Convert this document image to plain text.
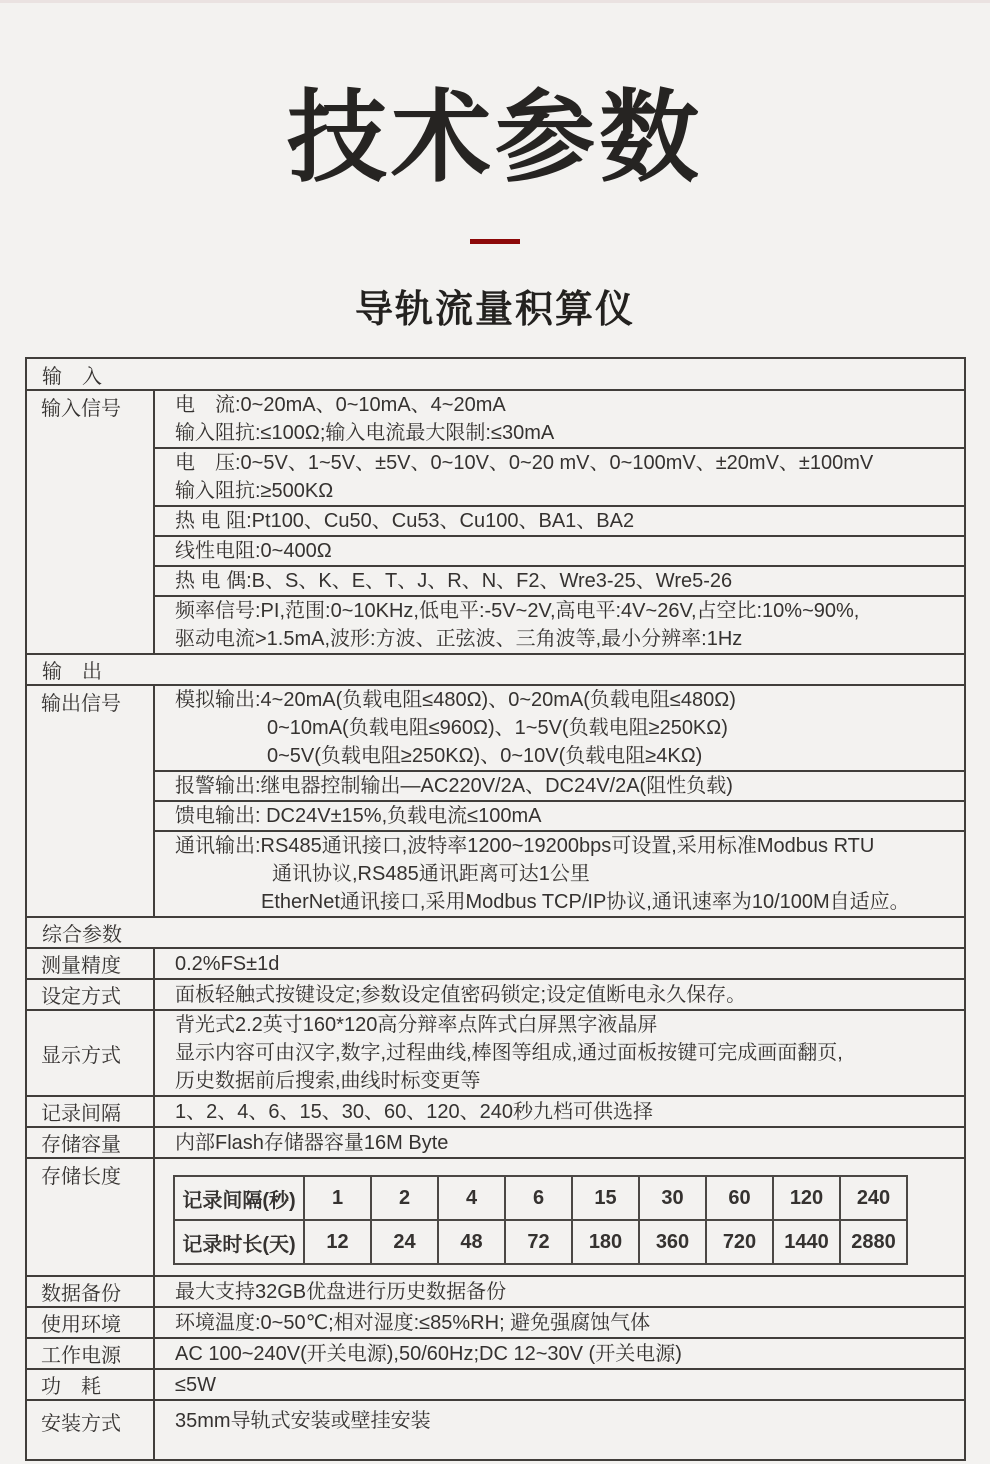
技术参数
导轨流量积算仪
输　入
输入信号	电　流:0~20mA、0~10mA、4~20mA
输入阻抗:≤100Ω;输入电流最大限制:≤30mA
电　压:0~5V、1~5V、±5V、0~10V、0~20 mV、0~100mV、±20mV、±100mV
输入阻抗:≥500KΩ
热 电 阻:Pt100、Cu50、Cu53、Cu100、BA1、BA2
线性电阻:0~400Ω
热 电 偶:B、S、K、E、T、J、R、N、F2、Wre3-25、Wre5-26
频率信号:PI,范围:0~10KHz,低电平:-5V~2V,高电平:4V~26V,占空比:10%~90%,
驱动电流>1.5mA,波形:方波、正弦波、三角波等,最小分辨率:1Hz
输　出
输出信号	模拟输出:4~20mA(负载电阻≤480Ω)、0~20mA(负载电阻≤480Ω)
0~10mA(负载电阻≤960Ω)、1~5V(负载电阻≥250KΩ)
0~5V(负载电阻≥250KΩ)、0~10V(负载电阻≥4KΩ)
报警输出:继电器控制输出—AC220V/2A、DC24V/2A(阻性负载)
馈电输出: DC24V±15%,负载电流≤100mA
通讯输出:RS485通讯接口,波特率1200~19200bps可设置,采用标准Modbus RTU
通讯协议,RS485通讯距离可达1公里
EtherNet通讯接口,采用Modbus TCP/IP协议,通讯速率为10/100M自适应。
综合参数
测量精度	0.2%FS±1d
设定方式	面板轻触式按键设定;参数设定值密码锁定;设定值断电永久保存。
显示方式
背光式2.2英寸160*120高分辩率点阵式白屏黑字液晶屏
显示内容可由汉字,数字,过程曲线,棒图等组成,通过面板按键可完成画面翻页,
历史数据前后搜索,曲线时标变更等
记录间隔	1、2、4、6、15、30、60、120、240秒九档可供选择
存储容量	内部Flash存储器容量16M Byte
存储长度
记录间隔(秒)	1	2	4	6	15	30	60	120	240
记录时长(天)	12	24	48	72	180	360	720	1440	2880
数据备份	最大支持32GB优盘进行历史数据备份
使用环境	环境温度:0~50℃;相对湿度:≤85%RH; 避免强腐蚀气体
工作电源	AC 100~240V(开关电源),50/60Hz;DC 12~30V (开关电源)
功　耗	≤5W
安装方式	35mm导轨式安装或壁挂安装
